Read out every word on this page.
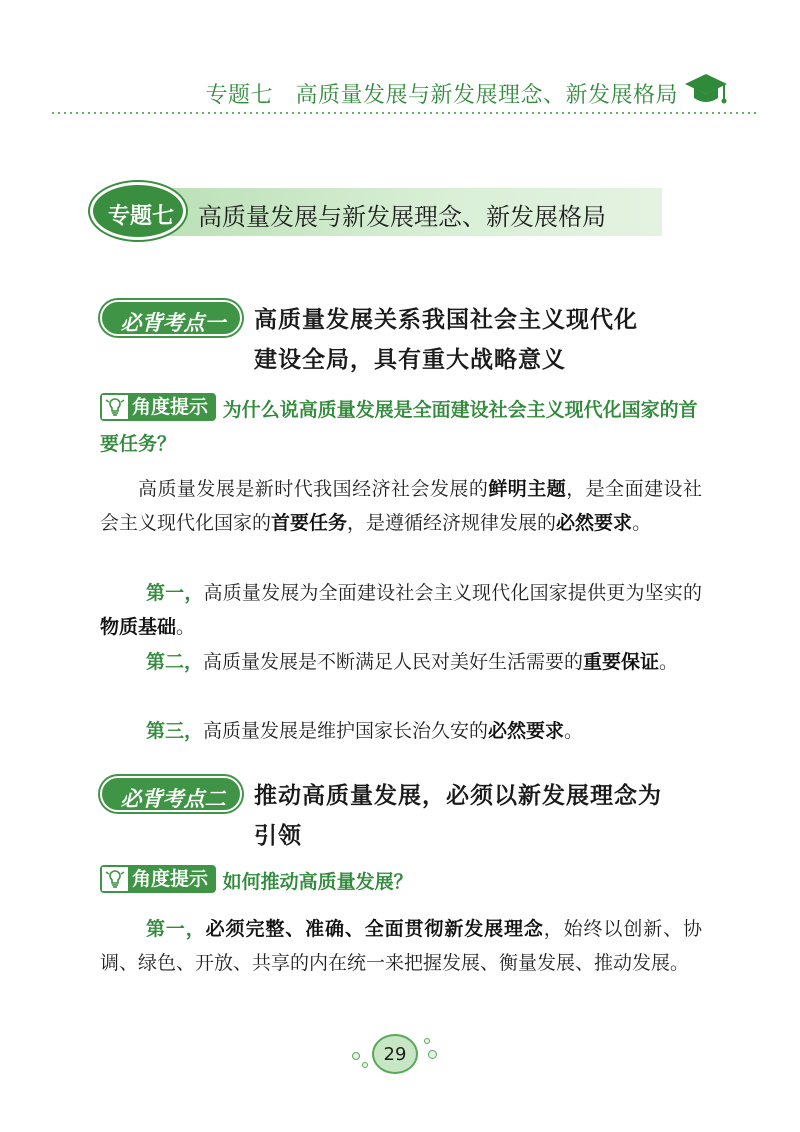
专题七　高质量发展与新发展理念、新发展格局
专题七	高质量发展与新发展理念、新发展格局
必背考点一	高质量发展关系我国社会主义现代化
建设全局，具有重大战略意义
角度提示 为什么说高质量发展是全面建设社会主义现代化国家的首要任务？
高质量发展是新时代我国经济社会发展的鲜明主题，是全面建设社会主义现代化国家的首要任务，是遵循经济规律发展的必然要求。
第一，高质量发展为全面建设社会主义现代化国家提供更为坚实的物质基础。
第二，高质量发展是不断满足人民对美好生活需要的重要保证。
第三，高质量发展是维护国家长治久安的必然要求。
必背考点二	推动高质量发展，必须以新发展理念为
引领
角度提示 如何推动高质量发展？
第一，必须完整、准确、全面贯彻新发展理念，始终以创新、协调、绿色、开放、共享的内在统一来把握发展、衡量发展、推动发展。
29
